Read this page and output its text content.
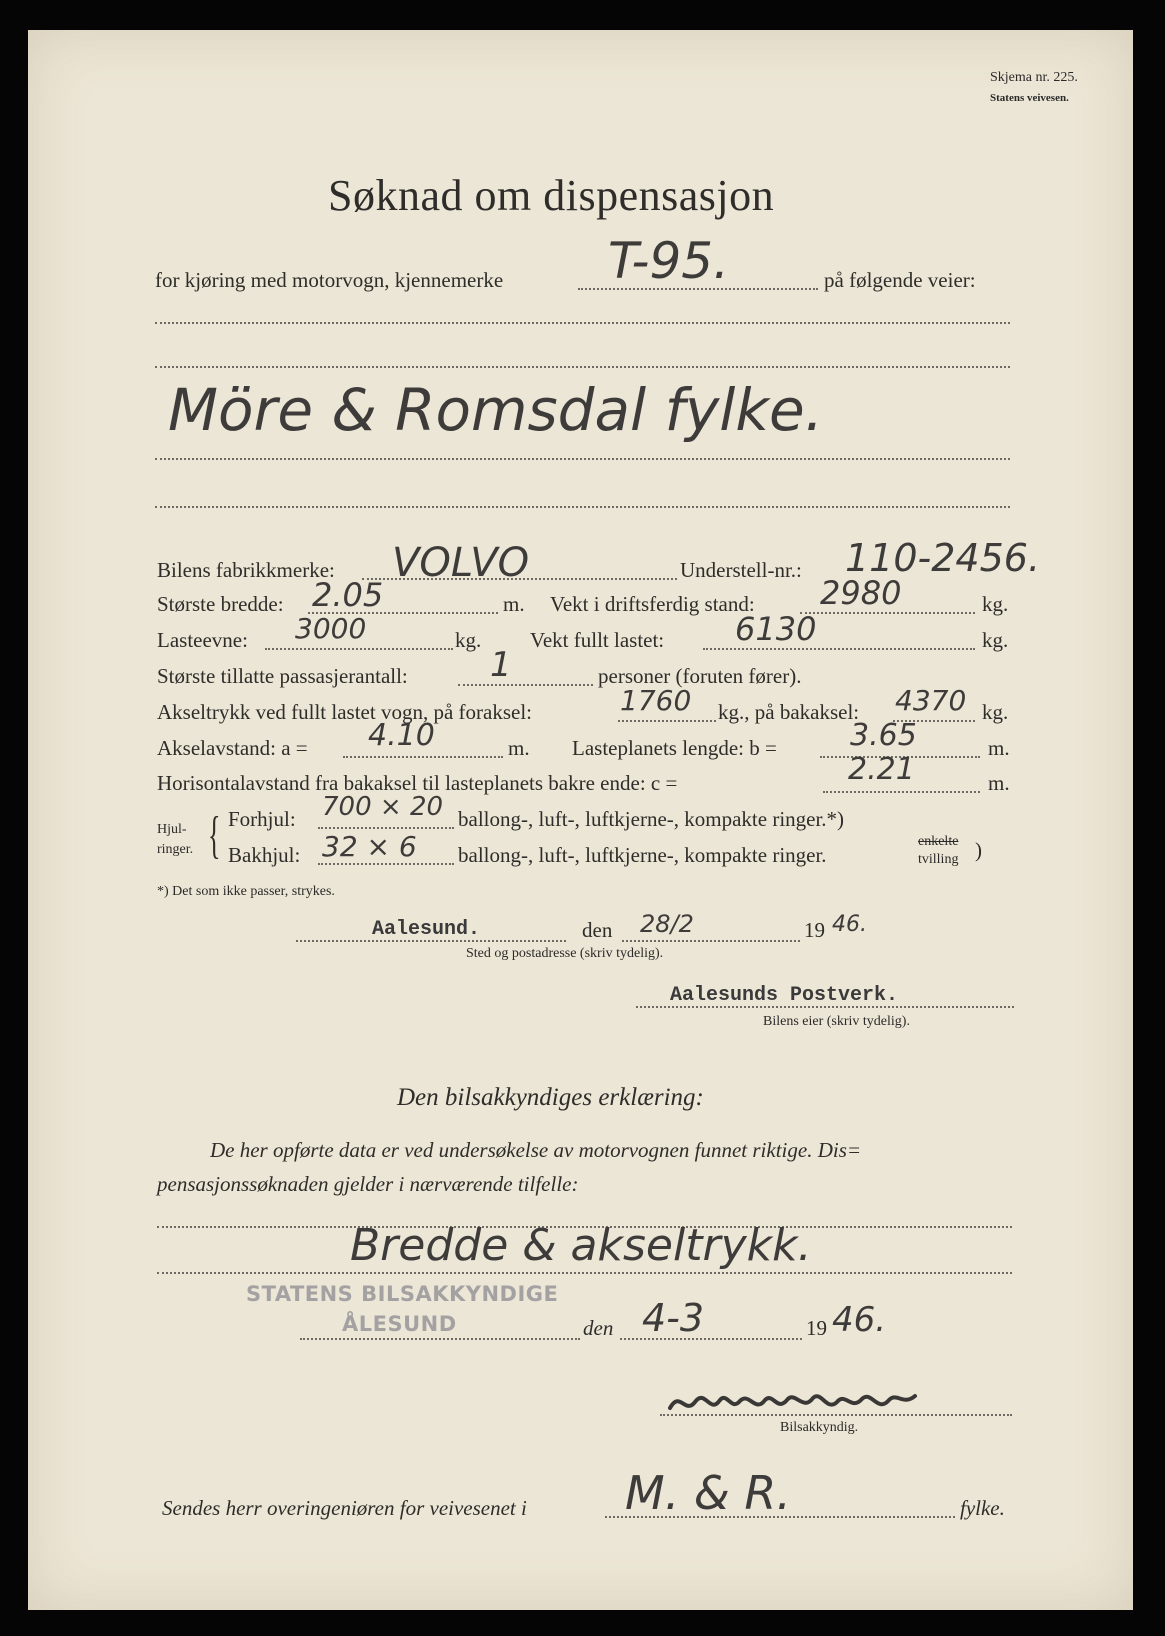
Skjema nr. 225.
Statens veivesen.
Søknad om dispensasjon
for kjøring med motorvogn, kjennemerke T-95.	på følgende veier:
Möre & Romsdal fylke.
Bilens fabrikkmerke: VOLVO	Understell-nr.: 110-2456.
Største bredde: 2.05	m. Vekt i driftsferdig stand: 2980	kg.
Lasteevne: 3000	kg. Vekt fullt lastet: 6130	kg.
Største tillatte passasjerantall: 1	personer (foruten fører).
Akseltrykk ved fullt lastet vogn, på foraksel:	1760 kg., på bakaksel: 4370 kg.
Akselavstand: a = 4.10	m. Lasteplanets lengde: b = 3.65	m.
Horisontalavstand fra bakaksel til lasteplanets bakre ende: c =	2.21	m.
Hjul-
ringer. { Forhjul: 700 × 20 ballong-, luft-, luftkjerne-, kompakte ringer.*)
Bakhjul: 32 × 6 ballong-, luft-, luftkjerne-, kompakte ringer.
enkelte
tvilling )
*) Det som ikke passer, strykes.
Aalesund.	den 28/2	19 46.
Sted og postadresse (skriv tydelig).
Aalesunds Postverk.
Bilens eier (skriv tydelig).
Den bilsakkyndiges erklæring:
De her opførte data er ved undersøkelse av motorvognen funnet riktige. Dis=
pensasjonssøknaden gjelder i nærværende tilfelle:
Bredde & akseltrykk.
STATENS BILSAKKYNDIGE
ÅLESUND	den 4-3	19 46.
Bilsakkyndig.
Sendes herr overingeniøren for veivesenet i M. & R.	fylke.
